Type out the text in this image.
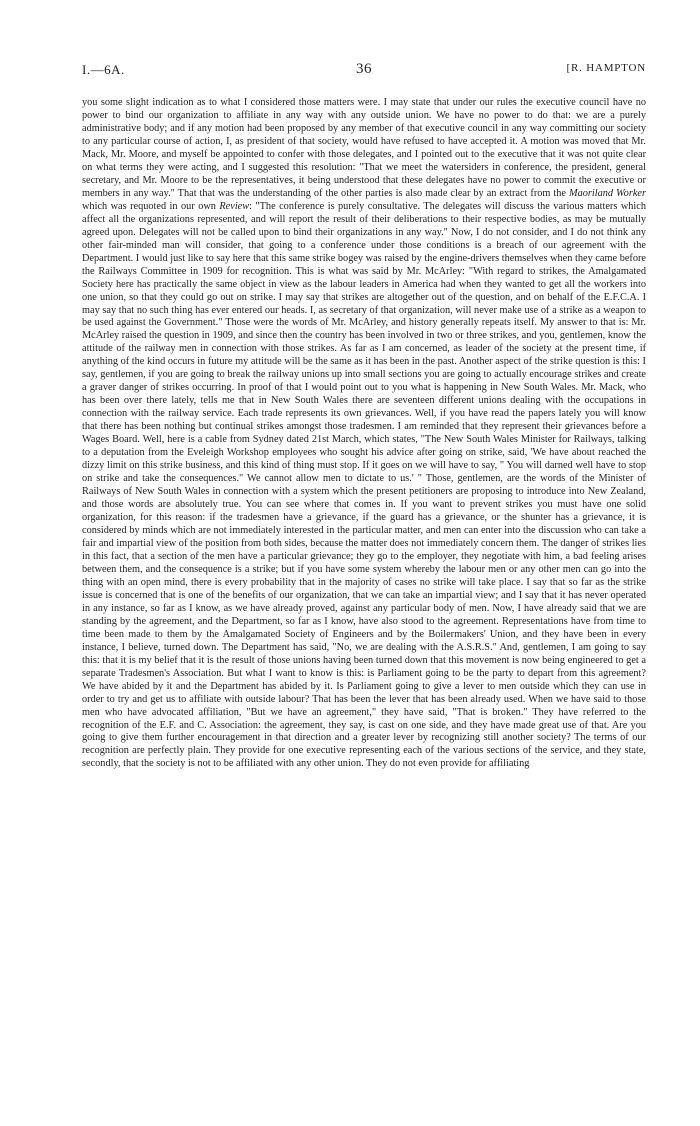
I.—6A.	36	[R. HAMPTON

you some slight indication as to what I considered those matters were. I may state that under our rules the executive council have no power to bind our organization to affiliate in any way with any outside union. We have no power to do that: we are a purely administrative body; and if any motion had been proposed by any member of that executive council in any way committing our society to any particular course of action, I, as president of that society, would have refused to have accepted it. A motion was moved that Mr. Mack, Mr. Moore, and myself be appointed to confer with those delegates, and I pointed out to the executive that it was not quite clear on what terms they were acting, and I suggested this resolution: "That we meet the watersiders in conference, the president, general secretary, and Mr. Moore to be the representatives, it being understood that these delegates have no power to commit the executive or members in any way." That that was the understanding of the other parties is also made clear by an extract from the Maoriland Worker which was requoted in our own Review: "The conference is purely consultative. The delegates will discuss the various matters which affect all the organizations represented, and will report the result of their deliberations to their respective bodies, as may be mutually agreed upon. Delegates will not be called upon to bind their organizations in any way." Now, I do not consider, and I do not think any other fair-minded man will consider, that going to a conference under those conditions is a breach of our agreement with the Department. I would just like to say here that this same strike bogey was raised by the engine-drivers themselves when they came before the Railways Committee in 1909 for recognition. This is what was said by Mr. McArley: "With regard to strikes, the Amalgamated Society here has practically the same object in view as the labour leaders in America had when they wanted to get all the workers into one union, so that they could go out on strike. I may say that strikes are altogether out of the question, and on behalf of the E.F.C.A. I may say that no such thing has ever entered our heads. I, as secretary of that organization, will never make use of a strike as a weapon to be used against the Government." Those were the words of Mr. McArley, and history generally repeats itself. My answer to that is: Mr. McArley raised the question in 1909, and since then the country has been involved in two or three strikes, and you, gentlemen, know the attitude of the railway men in connection with those strikes. As far as I am concerned, as leader of the society at the present time, if anything of the kind occurs in future my attitude will be the same as it has been in the past. Another aspect of the strike question is this: I say, gentlemen, if you are going to break the railway unions up into small sections you are going to actually encourage strikes and create a graver danger of strikes occurring. In proof of that I would point out to you what is happening in New South Wales. Mr. Mack, who has been over there lately, tells me that in New South Wales there are seventeen different unions dealing with the occupations in connection with the railway service. Each trade represents its own grievances. Well, if you have read the papers lately you will know that there has been nothing but continual strikes amongst those tradesmen. I am reminded that they represent their grievances before a Wages Board. Well, here is a cable from Sydney dated 21st March, which states, "The New South Wales Minister for Railways, talking to a deputation from the Eveleigh Workshop employees who sought his advice after going on strike, said, 'We have about reached the dizzy limit on this strike business, and this kind of thing must stop. If it goes on we will have to say, " You will darned well have to stop on strike and take the consequences." We cannot allow men to dictate to us.' " Those, gentlemen, are the words of the Minister of Railways of New South Wales in connection with a system which the present petitioners are proposing to introduce into New Zealand, and those words are absolutely true. You can see where that comes in. If you want to prevent strikes you must have one solid organization, for this reason: if the tradesmen have a grievance, if the guard has a grievance, or the shunter has a grievance, it is considered by minds which are not immediately interested in the particular matter, and men can enter into the discussion who can take a fair and impartial view of the position from both sides, because the matter does not immediately concern them. The danger of strikes lies in this fact, that a section of the men have a particular grievance; they go to the employer, they negotiate with him, a bad feeling arises between them, and the consequence is a strike; but if you have some system whereby the labour men or any other men can go into the thing with an open mind, there is every probability that in the majority of cases no strike will take place. I say that so far as the strike issue is concerned that is one of the benefits of our organization, that we can take an impartial view; and I say that it has never operated in any instance, so far as I know, as we have already proved, against any particular body of men. Now, I have already said that we are standing by the agreement, and the Department, so far as I know, have also stood to the agreement. Representations have from time to time been made to them by the Amalgamated Society of Engineers and by the Boilermakers' Union, and they have been in every instance, I believe, turned down. The Department has said, "No, we are dealing with the A.S.R.S." And, gentlemen, I am going to say this: that it is my belief that it is the result of those unions having been turned down that this movement is now being engineered to get a separate Tradesmen's Association. But what I want to know is this: is Parliament going to be the party to depart from this agreement? We have abided by it and the Department has abided by it. Is Parliament going to give a lever to men outside which they can use in order to try and get us to affiliate with outside labour? That has been the lever that has been already used. When we have said to those men who have advocated affiliation, "But we have an agreement," they have said, "That is broken." They have referred to the recognition of the E.F. and C. Association: the agreement, they say, is cast on one side, and they have made great use of that. Are you going to give them further encouragement in that direction and a greater lever by recognizing still another society? The terms of our recognition are perfectly plain. They provide for one executive representing each of the various sections of the service, and they state, secondly, that the society is not to be affiliated with any other union. They do not even provide for affiliating
